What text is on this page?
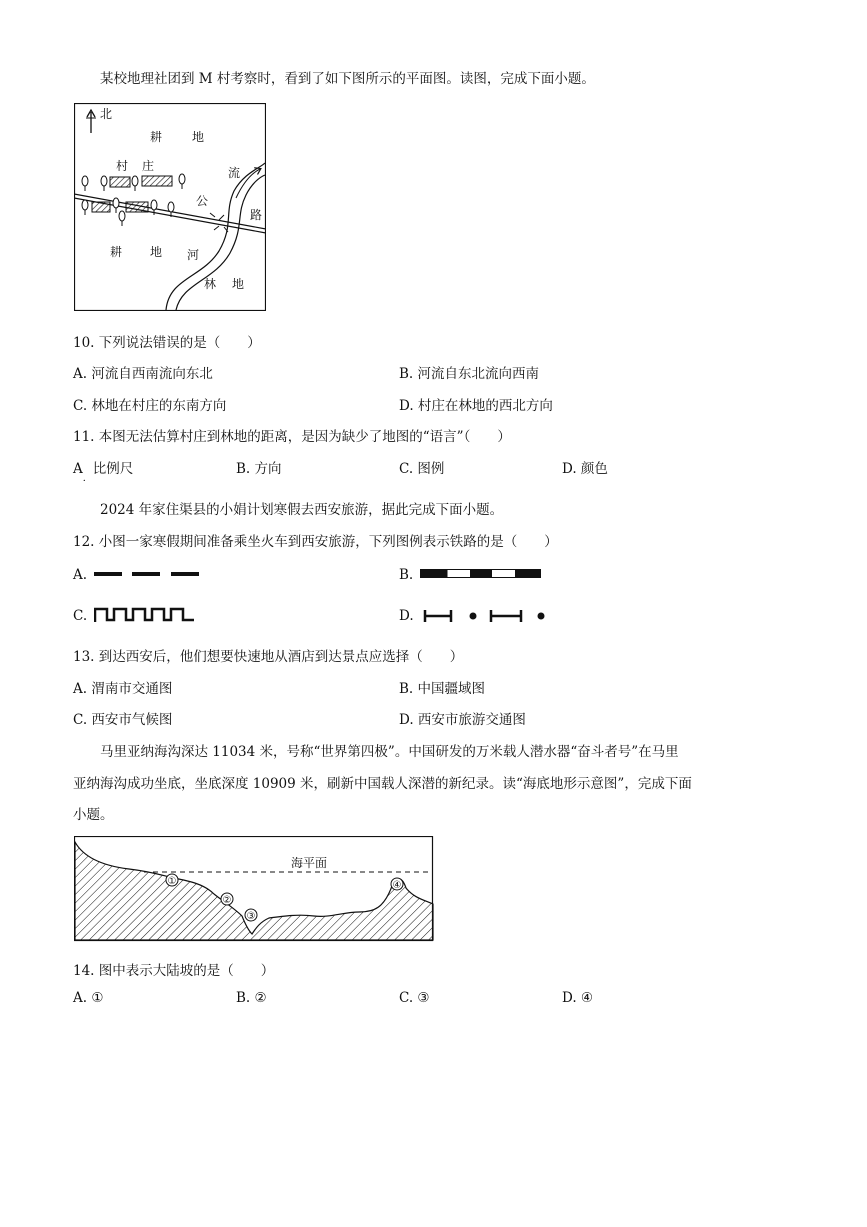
某校地理社团到 M 村考察时，看到了如下图所示的平面图。读图，完成下面小题。
北
耕 地
村 庄
公
路
流
河
耕 地
林 地
10. 下列说法错误的是（　　）
A. 河流自西南流向东北	B. 河流自东北流向西南
C. 林地在村庄的东南方向	D. 村庄在林地的西北方向
11. 本图无法估算村庄到林地的距离，是因为缺少了地图的“语言”（　　）
$A_.$比例尺	B. 方向	C. 图例	D. 颜色
2024 年家住渠县的小娟计划寒假去西安旅游，据此完成下面小题。
12. 小图一家寒假期间准备乘坐火车到西安旅游，下列图例表示铁路的是（　　）
A.	B.
C.	D.
13. 到达西安后，他们想要快速地从酒店到达景点应选择（　　）
A. 渭南市交通图	B. 中国疆域图
C. 西安市气候图	D. 西安市旅游交通图
马里亚纳海沟深达 11034 米，号称“世界第四极”。中国研发的万米载人潜水器“奋斗者号”在马里
亚纳海沟成功坐底，坐底深度 10909 米，刷新中国载人深潜的新纪录。读“海底地形示意图”，完成下面
小题。
海平面
①
②
③
④
14. 图中表示大陆坡的是（　　）
A. ①	B. ②	C. ③	D. ④
